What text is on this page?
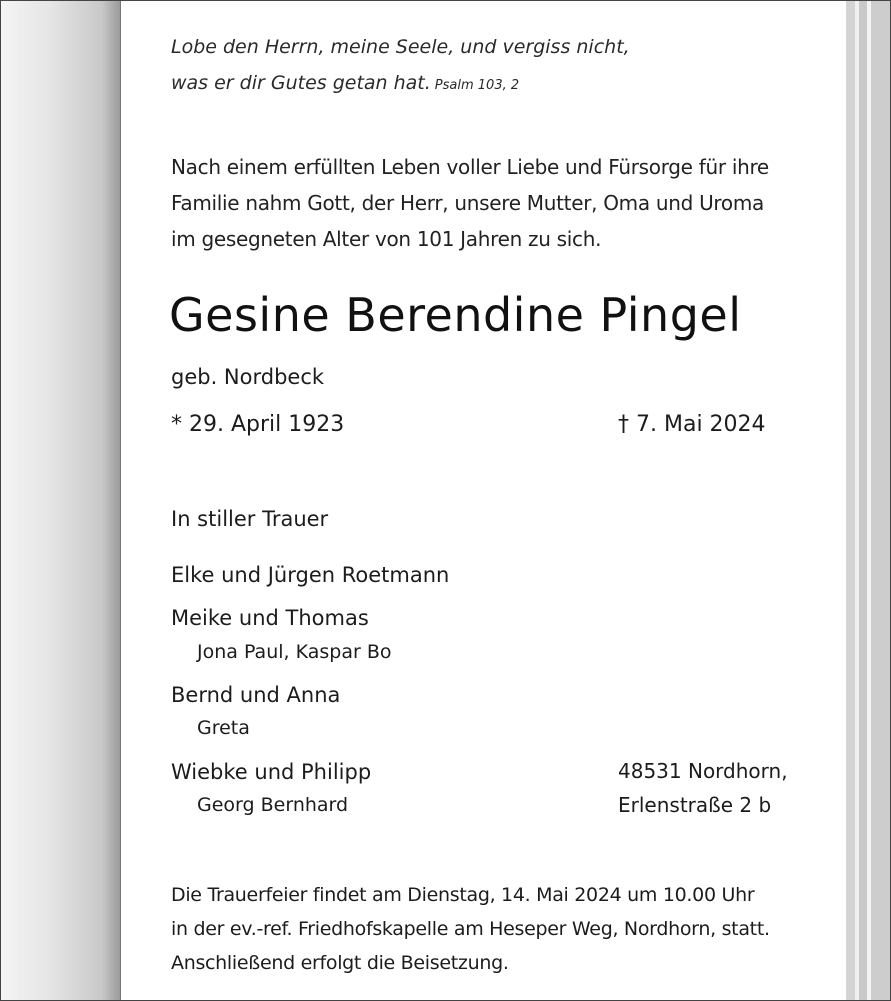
Lobe den Herrn, meine Seele, und vergiss nicht,

was er dir Gutes getan hat. Psalm 103, 2

Nach einem erfüllten Leben voller Liebe und Fürsorge für ihre

Familie nahm Gott, der Herr, unsere Mutter, Oma und Uroma

im gesegneten Alter von 101 Jahren zu sich.

Gesine Berendine Pingel

geb. Nordbeck

* 29. April 1923	† 7. Mai 2024

In stiller Trauer

Elke und Jürgen Roetmann

Meike und Thomas

Jona Paul, Kaspar Bo

Bernd und Anna

Greta

Wiebke und Philipp

Georg Bernhard

48531 Nordhorn,

Erlenstraße 2 b

Die Trauerfeier findet am Dienstag, 14. Mai 2024 um 10.00 Uhr

in der ev.-ref. Friedhofskapelle am Heseper Weg, Nordhorn, statt.

Anschließend erfolgt die Beisetzung.
